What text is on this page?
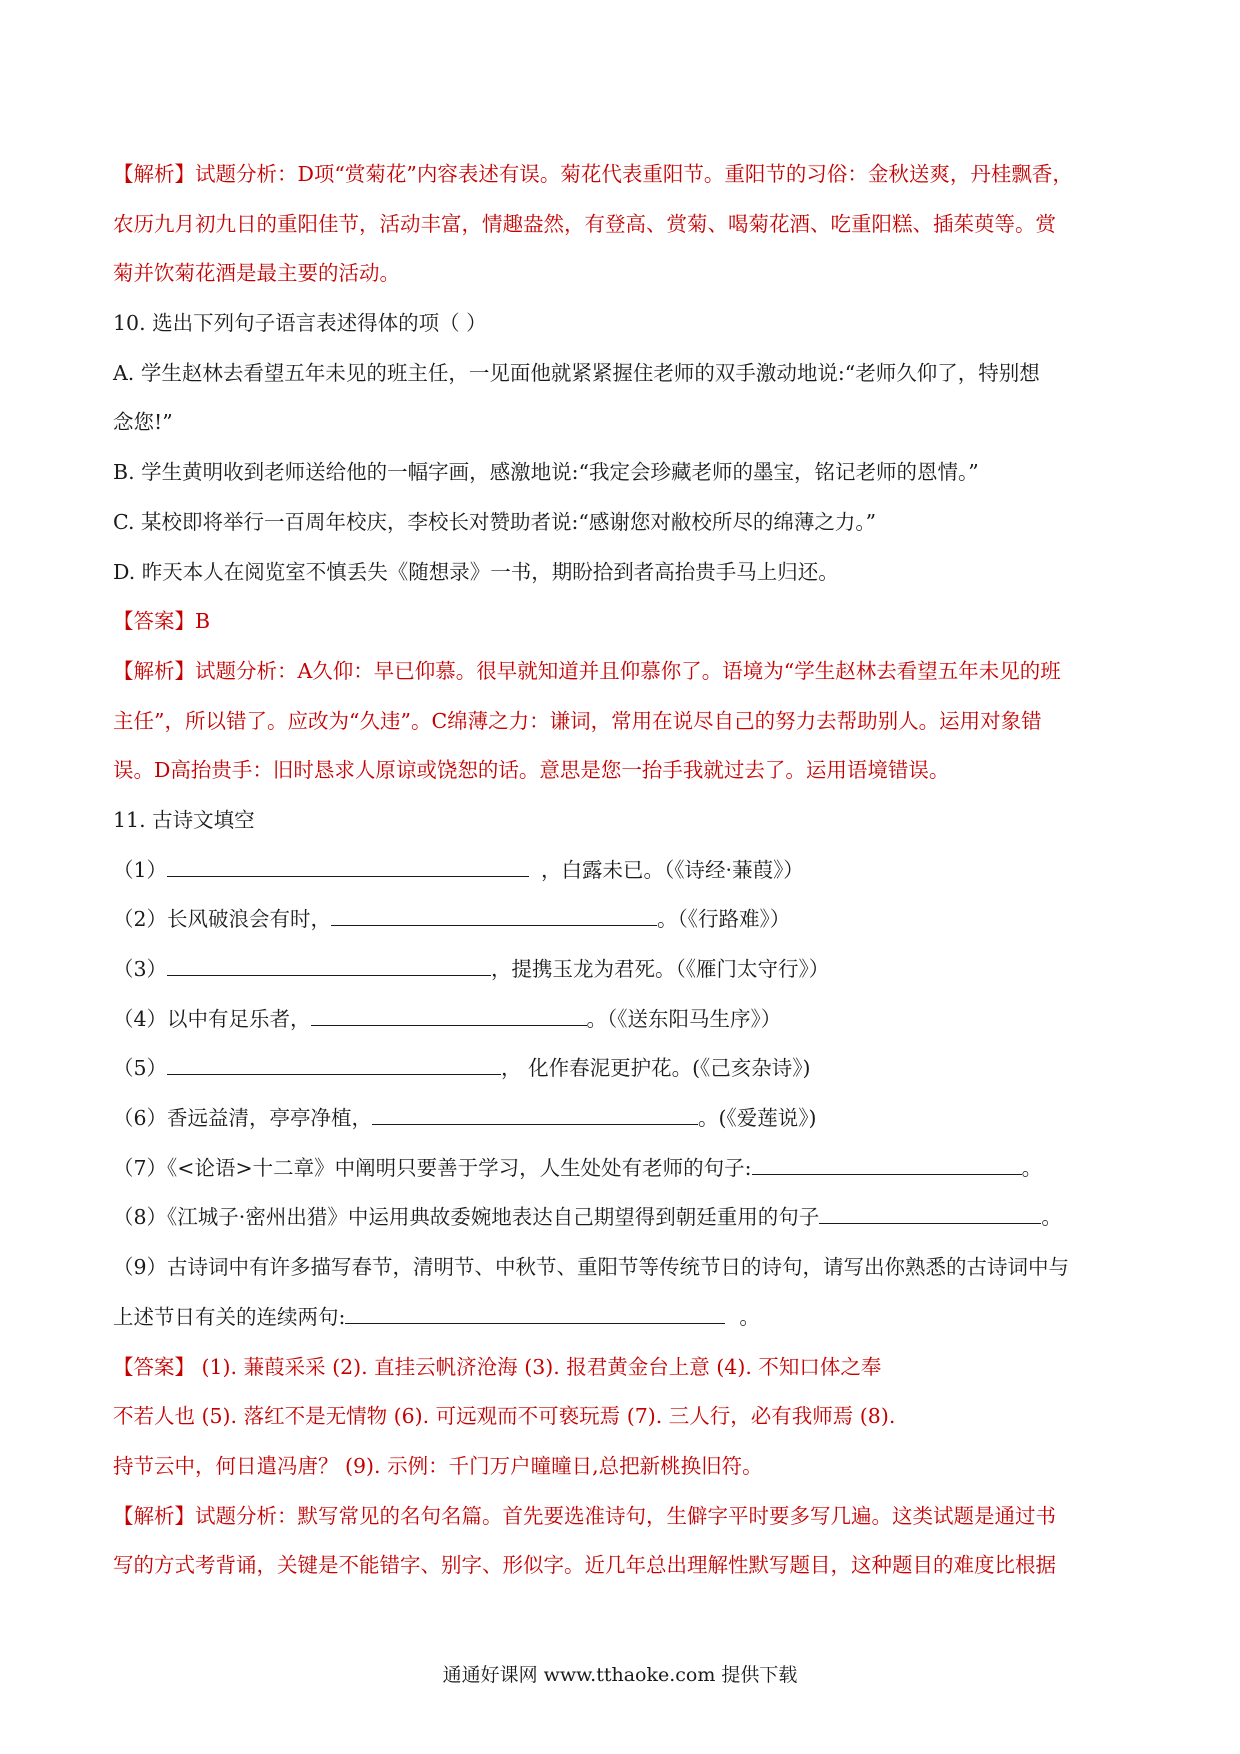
【解析】试题分析：D项“赏菊花”内容表述有误。菊花代表重阳节。重阳节的习俗：金秋送爽，丹桂飘香，
农历九月初九日的重阳佳节，活动丰富，情趣盎然，有登高、赏菊、喝菊花酒、吃重阳糕、插茱萸等。赏
菊并饮菊花酒是最主要的活动。
10. 选出下列句子语言表述得体的项（ ）
A. 学生赵林去看望五年未见的班主任，一见面他就紧紧握住老师的双手激动地说:“老师久仰了，特别想
念您!”
B. 学生黄明收到老师送给他的一幅字画，感激地说:“我定会珍藏老师的墨宝，铭记老师的恩情。”
C. 某校即将举行一百周年校庆，李校长对赞助者说:“感谢您对敝校所尽的绵薄之力。”
D. 昨天本人在阅览室不慎丢失《随想录》一书，期盼拾到者高抬贵手马上归还。
【答案】B
【解析】试题分析：A久仰：早已仰慕。很早就知道并且仰慕你了。语境为“学生赵林去看望五年未见的班
主任”，所以错了。应改为“久违”。C绵薄之力：谦词，常用在说尽自己的努力去帮助别人。运用对象错
误。D高抬贵手：旧时恳求人原谅或饶恕的话。意思是您一抬手我就过去了。运用语境错误。
11. 古诗文填空
（1）	，白露未已。（《诗经·蒹葭》）
（2）长风破浪会有时，	。（《行路难》）
（3）	，提携玉龙为君死。（《雁门太守行》）
（4）以中有足乐者，	。（《送东阳马生序》）
（5）	， 化作春泥更护花。(《己亥杂诗》)
（6）香远益清，亭亭净植，	。(《爱莲说》)
（7）《<论语>十二章》中阐明只要善于学习，人生处处有老师的句子:	。
（8）《江城子·密州出猎》中运用典故委婉地表达自己期望得到朝廷重用的句子	。
（9）古诗词中有许多描写春节，清明节、中秋节、重阳节等传统节日的诗句，请写出你熟悉的古诗词中与
上述节日有关的连续两句:	。
【答案】 (1). 蒹葭采采 (2). 直挂云帆济沧海 (3). 报君黄金台上意 (4). 不知口体之奉
不若人也 (5). 落红不是无情物 (6). 可远观而不可亵玩焉 (7). 三人行，必有我师焉 (8).
持节云中，何日遣冯唐？ (9). 示例：千门万户曈曈日,总把新桃换旧符。
【解析】试题分析：默写常见的名句名篇。首先要选准诗句，生僻字平时要多写几遍。这类试题是通过书
写的方式考背诵，关键是不能错字、别字、形似字。近几年总出理解性默写题目，这种题目的难度比根据
通通好课网 www.tthaoke.com 提供下载
